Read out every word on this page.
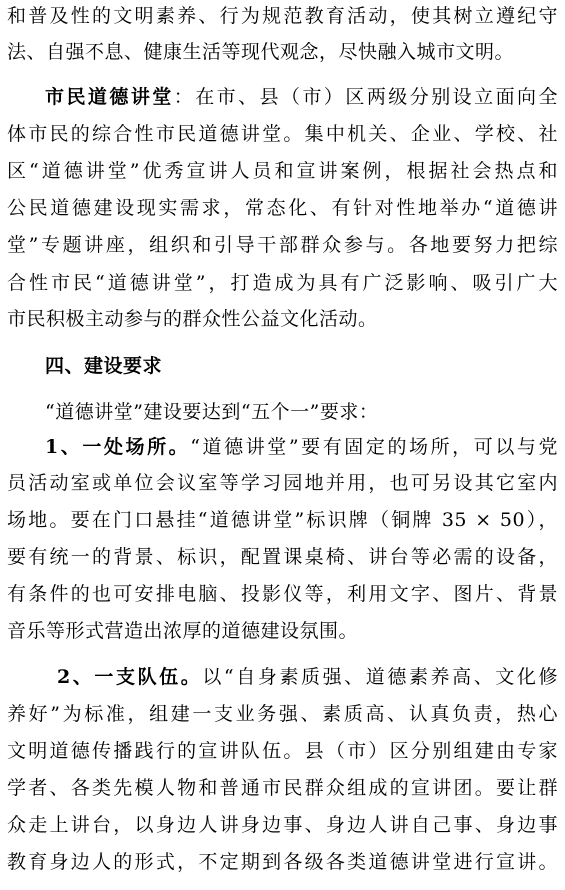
和普及性的文明素养、行为规范教育活动，使其树立遵纪守
法、自强不息、健康生活等现代观念，尽快融入城市文明。
市民道德讲堂：在市、县（市）区两级分别设立面向全
体市民的综合性市民道德讲堂。集中机关、企业、学校、社
区“道德讲堂”优秀宣讲人员和宣讲案例，根据社会热点和
公民道德建设现实需求，常态化、有针对性地举办“道德讲
堂”专题讲座，组织和引导干部群众参与。各地要努力把综
合性市民“道德讲堂”，打造成为具有广泛影响、吸引广大
市民积极主动参与的群众性公益文化活动。
四、建设要求
“道德讲堂”建设要达到“五个一”要求：
1、一处场所。“道德讲堂”要有固定的场所，可以与党
员活动室或单位会议室等学习园地并用，也可另设其它室内
场地。要在门口悬挂“道德讲堂”标识牌（铜牌 35 × 50），
要有统一的背景、标识，配置课桌椅、讲台等必需的设备，
有条件的也可安排电脑、投影仪等，利用文字、图片、背景
音乐等形式营造出浓厚的道德建设氛围。
2、一支队伍。以“自身素质强、道德素养高、文化修
养好”为标准，组建一支业务强、素质高、认真负责，热心
文明道德传播践行的宣讲队伍。县（市）区分别组建由专家
学者、各类先模人物和普通市民群众组成的宣讲团。要让群
众走上讲台，以身边人讲身边事、身边人讲自己事、身边事
教育身边人的形式，不定期到各级各类道德讲堂进行宣讲。
